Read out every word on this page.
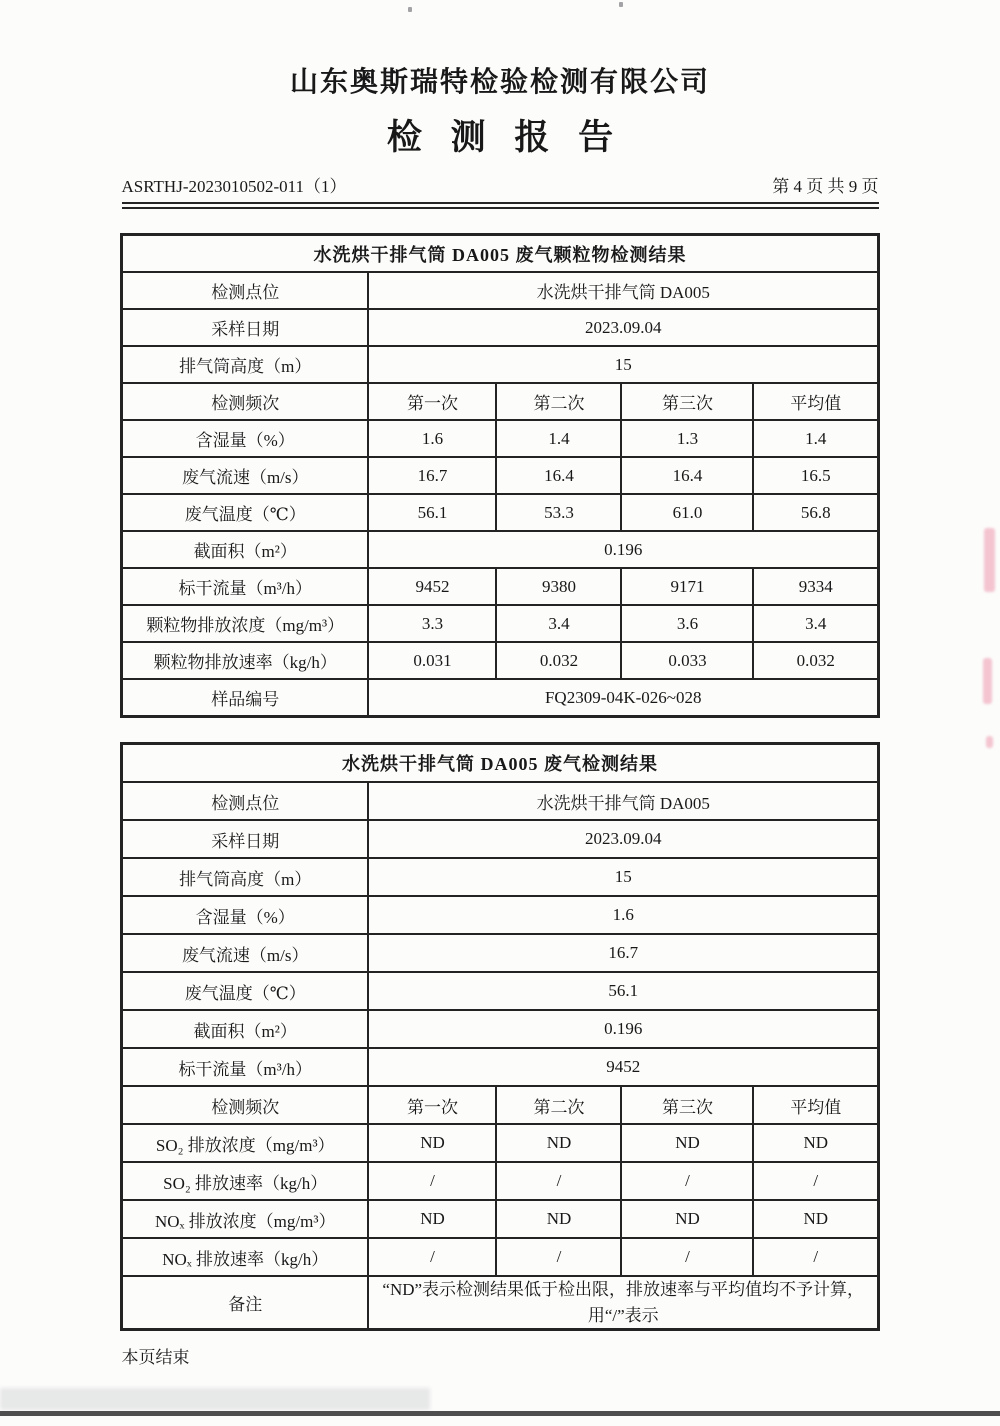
山东奥斯瑞特检验检测有限公司
检 测 报 告
ASRTHJ-2023010502-011（1）	第 4 页 共 9 页
水洗烘干排气筒 DA005 废气颗粒物检测结果				
检测点位	水洗烘干排气筒 DA005			
采样日期	2023.09.04			
排气筒高度（m）	15			
检测频次	第一次	第二次	第三次	平均值
含湿量（%）	1.6	1.4	1.3	1.4
废气流速（m/s）	16.7	16.4	16.4	16.5
废气温度（℃）	56.1	53.3	61.0	56.8
截面积（m²）	0.196			
标干流量（m³/h）	9452	9380	9171	9334
颗粒物排放浓度（mg/m³）	3.3	3.4	3.6	3.4
颗粒物排放速率（kg/h）	0.031	0.032	0.033	0.032
样品编号	FQ2309-04K-026~028			
水洗烘干排气筒 DA005 废气检测结果				
检测点位	水洗烘干排气筒 DA005			
采样日期	2023.09.04			
排气筒高度（m）	15			
含湿量（%）	1.6			
废气流速（m/s）	16.7			
废气温度（℃）	56.1			
截面积（m²）	0.196			
标干流量（m³/h）	9452			
检测频次	第一次	第二次	第三次	平均值
SO₂ 排放浓度（mg/m³）	ND	ND	ND	ND
SO₂ 排放速率（kg/h）	/	/	/	/
NOₓ 排放浓度（mg/m³）	ND	ND	ND	ND
NOₓ 排放速率（kg/h）	/	/	/	/
备注	“ND”表示检测结果低于检出限，排放速率与平均值均不予计算，用“/”表示			
本页结束
